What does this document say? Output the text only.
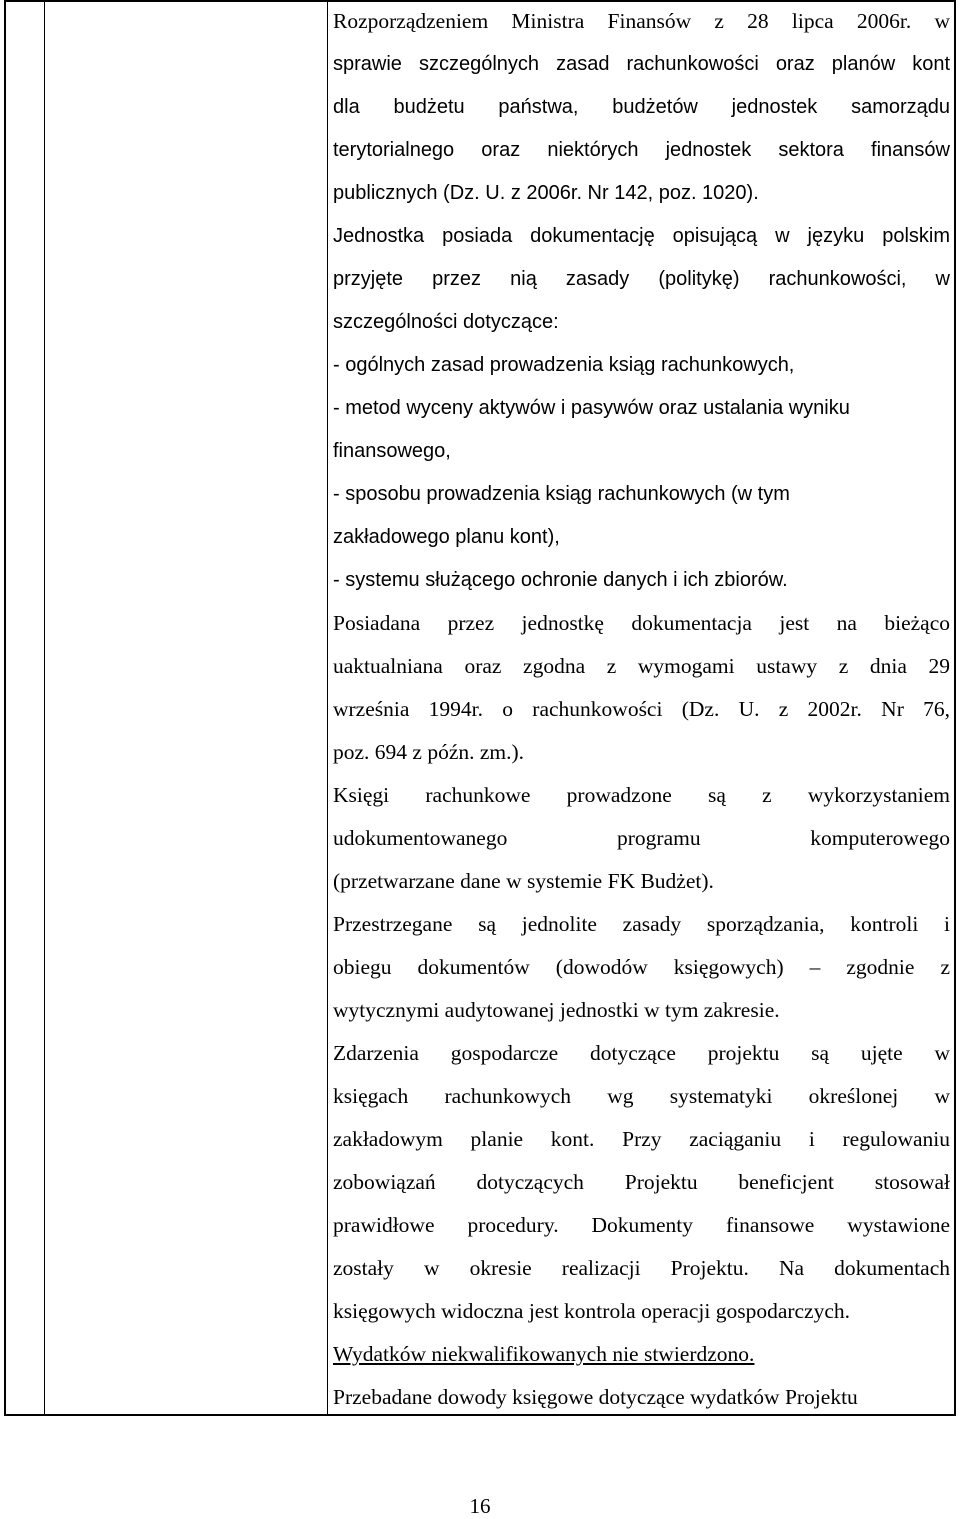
Rozporządzeniem Ministra Finansów z 28 lipca 2006r. w
sprawie szczególnych zasad rachunkowości oraz planów kont
dla budżetu państwa, budżetów jednostek samorządu
terytorialnego oraz niektórych jednostek sektora finansów
publicznych (Dz. U. z 2006r. Nr 142, poz. 1020).
Jednostka posiada dokumentację opisującą w języku polskim
przyjęte przez nią zasady (politykę) rachunkowości, w
szczególności dotyczące:
- ogólnych zasad prowadzenia ksiąg rachunkowych,
- metod wyceny aktywów i pasywów oraz ustalania wyniku
finansowego,
- sposobu prowadzenia ksiąg rachunkowych (w tym
zakładowego planu kont),
- systemu służącego ochronie danych i ich zbiorów.
Posiadana przez jednostkę dokumentacja jest na bieżąco
uaktualniana oraz zgodna z wymogami ustawy z dnia 29
września 1994r. o rachunkowości (Dz. U. z 2002r. Nr 76,
poz. 694 z późn. zm.).
Księgi rachunkowe prowadzone są z wykorzystaniem
udokumentowanego programu komputerowego
(przetwarzane dane w systemie FK Budżet).
Przestrzegane są jednolite zasady sporządzania, kontroli i
obiegu dokumentów (dowodów księgowych) – zgodnie z
wytycznymi audytowanej jednostki w tym zakresie.
Zdarzenia gospodarcze dotyczące projektu są ujęte w
księgach rachunkowych wg systematyki określonej w
zakładowym planie kont. Przy zaciąganiu i regulowaniu
zobowiązań dotyczących Projektu beneficjent stosował
prawidłowe procedury. Dokumenty finansowe wystawione
zostały w okresie realizacji Projektu. Na dokumentach
księgowych widoczna jest kontrola operacji gospodarczych.
Wydatków niekwalifikowanych nie stwierdzono.
Przebadane dowody księgowe dotyczące wydatków Projektu
16
